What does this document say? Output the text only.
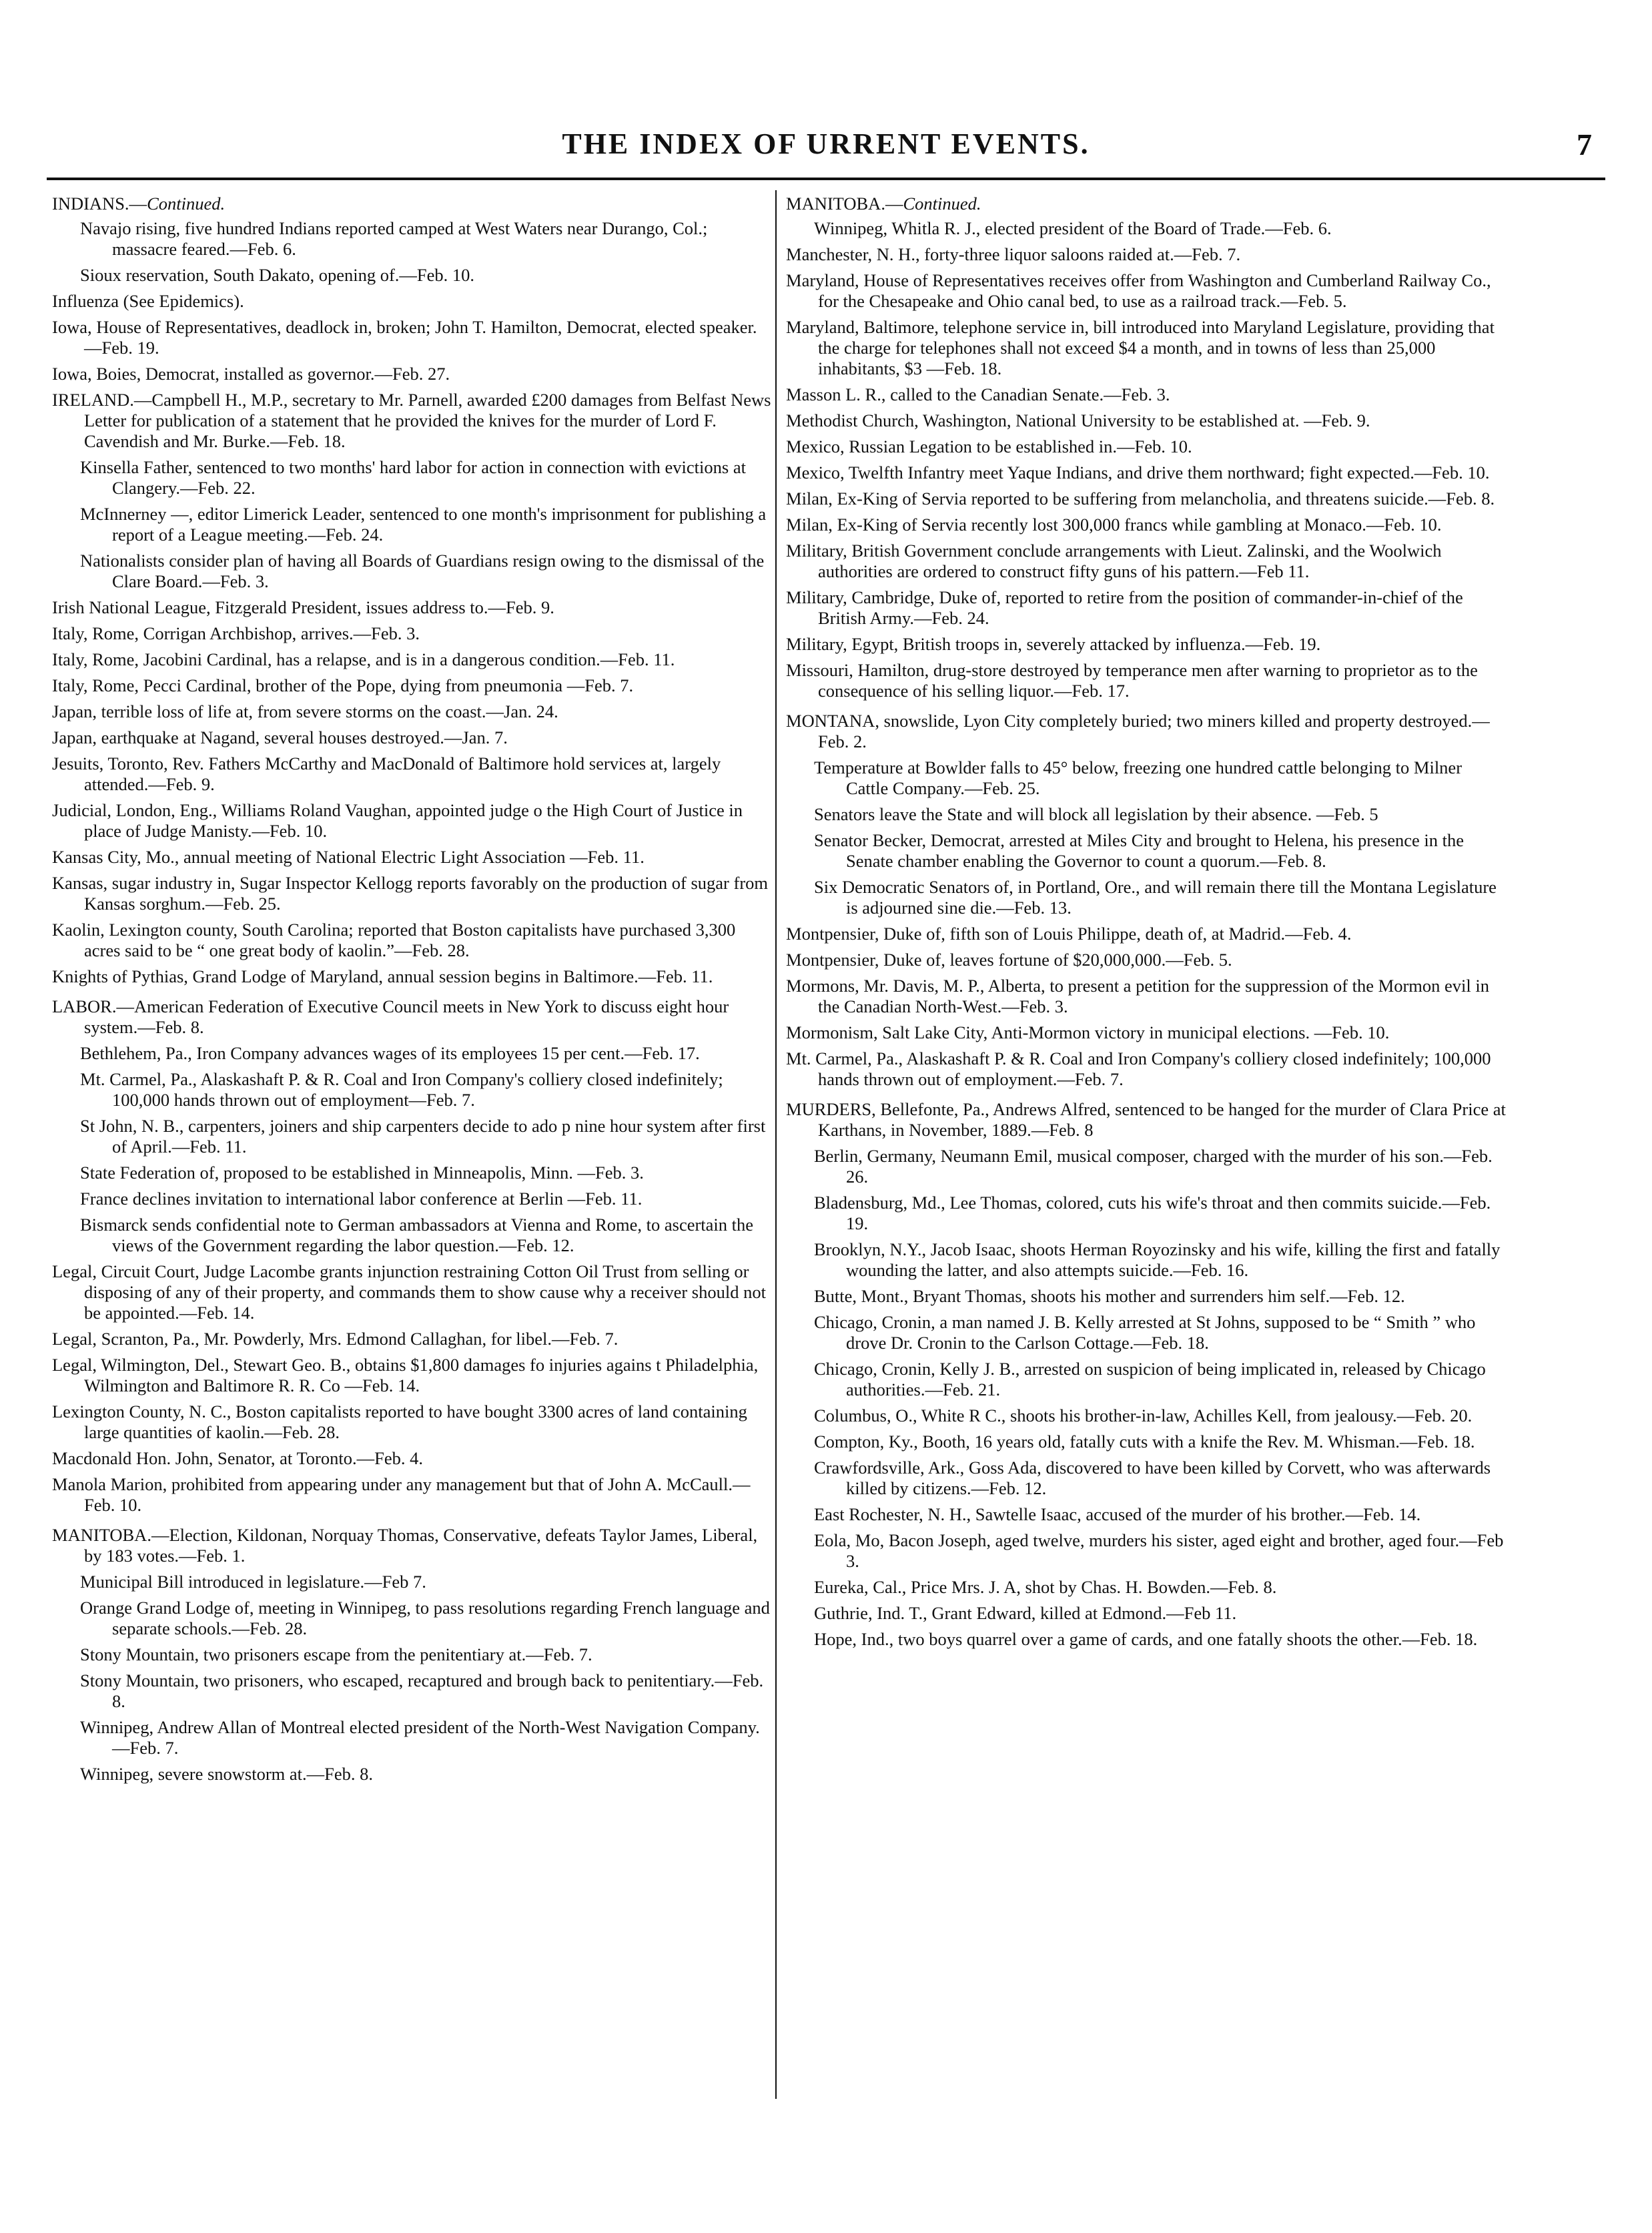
THE INDEX OF URRENT EVENTS.	7
INDIANS.—Continued.

Navajo rising, five hundred Indians reported camped at West Waters near Durango, Col.; massacre feared.—Feb. 6.

Sioux reservation, South Dakato, opening of.—Feb. 10.

Influenza (See Epidemics).

Iowa, House of Representatives, deadlock in, broken; John T. Hamilton, Democrat, elected speaker.—Feb. 19.

Iowa, Boies, Democrat, installed as governor.—Feb. 27.

IRELAND.—Campbell H., M.P., secretary to Mr. Parnell, awarded £200 damages from Belfast News Letter for publication of a statement that he provided the knives for the murder of Lord F. Cavendish and Mr. Burke.—Feb. 18.

Kinsella Father, sentenced to two months' hard labor for action in connection with evictions at Clangery.—Feb. 22.

McInnerney —, editor Limerick Leader, sentenced to one month's imprisonment for publishing a report of a League meeting.—Feb. 24.

Nationalists consider plan of having all Boards of Guardians resign owing to the dismissal of the Clare Board.—Feb. 3.

Irish National League, Fitzgerald President, issues address to.—Feb. 9.

Italy, Rome, Corrigan Archbishop, arrives.—Feb. 3.

Italy, Rome, Jacobini Cardinal, has a relapse, and is in a dangerous condition.—Feb. 11.

Italy, Rome, Pecci Cardinal, brother of the Pope, dying from pneumonia —Feb. 7.

Japan, terrible loss of life at, from severe storms on the coast.—Jan. 24.

Japan, earthquake at Nagand, several houses destroyed.—Jan. 7.

Jesuits, Toronto, Rev. Fathers McCarthy and MacDonald of Baltimore hold services at, largely attended.—Feb. 9.

Judicial, London, Eng., Williams Roland Vaughan, appointed judge o the High Court of Justice in place of Judge Manisty.—Feb. 10.

Kansas City, Mo., annual meeting of National Electric Light Association —Feb. 11.

Kansas, sugar industry in, Sugar Inspector Kellogg reports favorably on the production of sugar from Kansas sorghum.—Feb. 25.

Kaolin, Lexington county, South Carolina; reported that Boston capitalists have purchased 3,300 acres said to be “ one great body of kaolin.”—Feb. 28.

Knights of Pythias, Grand Lodge of Maryland, annual session begins in Baltimore.—Feb. 11.

LABOR.—American Federation of Executive Council meets in New York to discuss eight hour system.—Feb. 8.

Bethlehem, Pa., Iron Company advances wages of its employees 15 per cent.—Feb. 17.

Mt. Carmel, Pa., Alaskashaft P. & R. Coal and Iron Company's colliery closed indefinitely; 100,000 hands thrown out of employment—Feb. 7.

St John, N. B., carpenters, joiners and ship carpenters decide to ado p nine hour system after first of April.—Feb. 11.

State Federation of, proposed to be established in Minneapolis, Minn. —Feb. 3.

France declines invitation to international labor conference at Berlin —Feb. 11.

Bismarck sends confidential note to German ambassadors at Vienna and Rome, to ascertain the views of the Government regarding the labor question.—Feb. 12.

Legal, Circuit Court, Judge Lacombe grants injunction restraining Cotton Oil Trust from selling or disposing of any of their property, and commands them to show cause why a receiver should not be appointed.—Feb. 14.

Legal, Scranton, Pa., Mr. Powderly, Mrs. Edmond Callaghan, for libel.—Feb. 7.

Legal, Wilmington, Del., Stewart Geo. B., obtains $1,800 damages fo injuries agains t Philadelphia, Wilmington and Baltimore R. R. Co —Feb. 14.

Lexington County, N. C., Boston capitalists reported to have bought 3300 acres of land containing large quantities of kaolin.—Feb. 28.

Macdonald Hon. John, Senator, at Toronto.—Feb. 4.

Manola Marion, prohibited from appearing under any management but that of John A. McCaull.—Feb. 10.

MANITOBA.—Election, Kildonan, Norquay Thomas, Conservative, defeats Taylor James, Liberal, by 183 votes.—Feb. 1.

Municipal Bill introduced in legislature.—Feb 7.

Orange Grand Lodge of, meeting in Winnipeg, to pass resolutions regarding French language and separate schools.—Feb. 28.

Stony Mountain, two prisoners escape from the penitentiary at.—Feb. 7.

Stony Mountain, two prisoners, who escaped, recaptured and brough back to penitentiary.—Feb. 8.

Winnipeg, Andrew Allan of Montreal elected president of the North-West Navigation Company.—Feb. 7.

Winnipeg, severe snowstorm at.—Feb. 8.

MANITOBA.—Continued.

Winnipeg, Whitla R. J., elected president of the Board of Trade.—Feb. 6.

Manchester, N. H., forty-three liquor saloons raided at.—Feb. 7.

Maryland, House of Representatives receives offer from Washington and Cumberland Railway Co., for the Chesapeake and Ohio canal bed, to use as a railroad track.—Feb. 5.

Maryland, Baltimore, telephone service in, bill introduced into Maryland Legislature, providing that the charge for telephones shall not exceed $4 a month, and in towns of less than 25,000 inhabitants, $3 —Feb. 18.

Masson L. R., called to the Canadian Senate.—Feb. 3.

Methodist Church, Washington, National University to be established at. —Feb. 9.

Mexico, Russian Legation to be established in.—Feb. 10.

Mexico, Twelfth Infantry meet Yaque Indians, and drive them northward; fight expected.—Feb. 10.

Milan, Ex-King of Servia reported to be suffering from melancholia, and threatens suicide.—Feb. 8.

Milan, Ex-King of Servia recently lost 300,000 francs while gambling at Monaco.—Feb. 10.

Military, British Government conclude arrangements with Lieut. Zalinski, and the Woolwich authorities are ordered to construct fifty guns of his pattern.—Feb 11.

Military, Cambridge, Duke of, reported to retire from the position of commander-in-chief of the British Army.—Feb. 24.

Military, Egypt, British troops in, severely attacked by influenza.—Feb. 19.

Missouri, Hamilton, drug-store destroyed by temperance men after warning to proprietor as to the consequence of his selling liquor.—Feb. 17.

MONTANA, snowslide, Lyon City completely buried; two miners killed and property destroyed.—Feb. 2.

Temperature at Bowlder falls to 45° below, freezing one hundred cattle belonging to Milner Cattle Company.—Feb. 25.

Senators leave the State and will block all legislation by their absence. —Feb. 5

Senator Becker, Democrat, arrested at Miles City and brought to Helena, his presence in the Senate chamber enabling the Governor to count a quorum.—Feb. 8.

Six Democratic Senators of, in Portland, Ore., and will remain there till the Montana Legislature is adjourned sine die.—Feb. 13.

Montpensier, Duke of, fifth son of Louis Philippe, death of, at Madrid.—Feb. 4.

Montpensier, Duke of, leaves fortune of $20,000,000.—Feb. 5.

Mormons, Mr. Davis, M. P., Alberta, to present a petition for the suppression of the Mormon evil in the Canadian North-West.—Feb. 3.

Mormonism, Salt Lake City, Anti-Mormon victory in municipal elections. —Feb. 10.

Mt. Carmel, Pa., Alaskashaft P. & R. Coal and Iron Company's colliery closed indefinitely; 100,000 hands thrown out of employment.—Feb. 7.

MURDERS, Bellefonte, Pa., Andrews Alfred, sentenced to be hanged for the murder of Clara Price at Karthans, in November, 1889.—Feb. 8

Berlin, Germany, Neumann Emil, musical composer, charged with the murder of his son.—Feb. 26.

Bladensburg, Md., Lee Thomas, colored, cuts his wife's throat and then commits suicide.—Feb. 19.

Brooklyn, N.Y., Jacob Isaac, shoots Herman Royozinsky and his wife, killing the first and fatally wounding the latter, and also attempts suicide.—Feb. 16.

Butte, Mont., Bryant Thomas, shoots his mother and surrenders him self.—Feb. 12.

Chicago, Cronin, a man named J. B. Kelly arrested at St Johns, supposed to be “ Smith ” who drove Dr. Cronin to the Carlson Cottage.—Feb. 18.

Chicago, Cronin, Kelly J. B., arrested on suspicion of being implicated in, released by Chicago authorities.—Feb. 21.

Columbus, O., White R C., shoots his brother-in-law, Achilles Kell, from jealousy.—Feb. 20.

Compton, Ky., Booth, 16 years old, fatally cuts with a knife the Rev. M. Whisman.—Feb. 18.

Crawfordsville, Ark., Goss Ada, discovered to have been killed by Corvett, who was afterwards killed by citizens.—Feb. 12.

East Rochester, N. H., Sawtelle Isaac, accused of the murder of his brother.—Feb. 14.

Eola, Mo, Bacon Joseph, aged twelve, murders his sister, aged eight and brother, aged four.—Feb 3.

Eureka, Cal., Price Mrs. J. A, shot by Chas. H. Bowden.—Feb. 8.

Guthrie, Ind. T., Grant Edward, killed at Edmond.—Feb 11.

Hope, Ind., two boys quarrel over a game of cards, and one fatally shoots the other.—Feb. 18.
